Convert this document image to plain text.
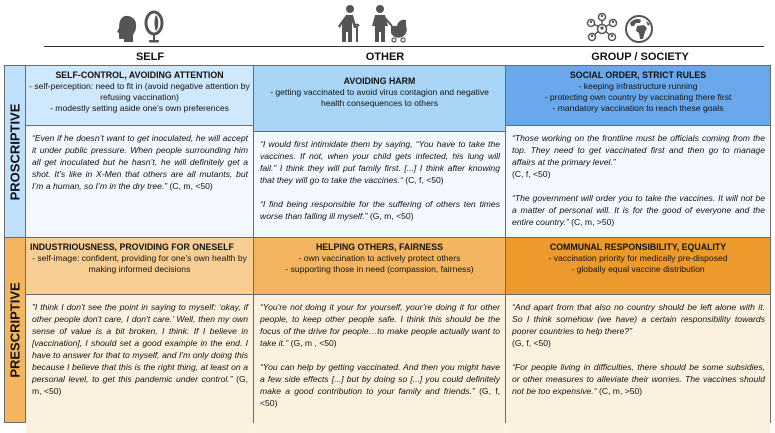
SELF	OTHER	GROUP / SOCIETY
PROSCRIPTIVE
PRESCRIPTIVE
SELF-CONTROL, AVOIDING ATTENTION
- self-perception: need to fit in (avoid negative attention by refusing vaccination)
- modestly setting aside one's own preferences

“Even if he doesn’t want to get inoculated, he will accept it under public pressure. When people surrounding him all get inoculated but he hasn’t, he will definitely get a shot. It’s like in X-Men that others are all mutants, but I’m a human, so I’m in the dry tree.” (C, m, <50)

AVOIDING HARM
- getting vaccinated to avoid virus contagion and negative health consequences to others

“I would first intimidate them by saying, “You have to take the vaccines. If not, when your child gets infected, his lung will fail.” I think they will put family first. [...] I think after knowing that they will go to take the vaccines.“ (C, f, <50)

“I find being responsible for the suffering of others ten times worse than falling ill myself.” (G, m, <50)

SOCIAL ORDER, STRICT RULES
- keeping infrastructure running
- protecting own country by vaccinating there first
- mandatory vaccination to reach these goals

“Those working on the frontline must be officials coming from the top. They need to get vaccinated first and then go to manage affairs at the primary level.”
(C, f, <50)

“The government will order you to take the vaccines. It will not be a matter of personal will. It is for the good of everyone and the entire country.” (C, m, >50)

INDUSTRIOUSNESS, PROVIDING FOR ONESELF
- self-image: confident, providing for one’s own health by making informed decisions

”I think I don't see the point in saying to myself: ‘okay, if other people don't care, I don't care.’ Well, then my own sense of value is a bit broken, I think. If I believe in [vaccination], I should set a good example in the end. I have to answer for that to myself, and I'm only doing this because I believe that this is the right thing, at least on a personal level, to get this pandemic under control.” (G, m, <50)

HELPING OTHERS, FAIRNESS
- own vaccination to actively protect others
- supporting those in need (compassion, fairness)

“You're not doing it your for yourself, your’re doing it for other people, to keep other people safe. I think this should be the focus of the drive for people…to make people actually want to take it.” (G, m , <50)

“You can help by getting vaccinated. And then you might have a few side effects [...] but by doing so [...] you could definitely make a good contribution to your family and friends.” (G, f, <50)

COMMUNAL RESPONSIBILITY, EQUALITY
- vaccination priority for medically pre-disposed
- globally equal vaccine distribution

“And apart from that also no country should be left alone with it. So I think somehow (we have) a certain responsibility towards poorer countries to help there?"
(G, f, <50)

“For people living in difficulties, there should be some subsidies, or other measures to alleviate their worries. The vaccines should not be too expensive.“ (C, m, >50)
